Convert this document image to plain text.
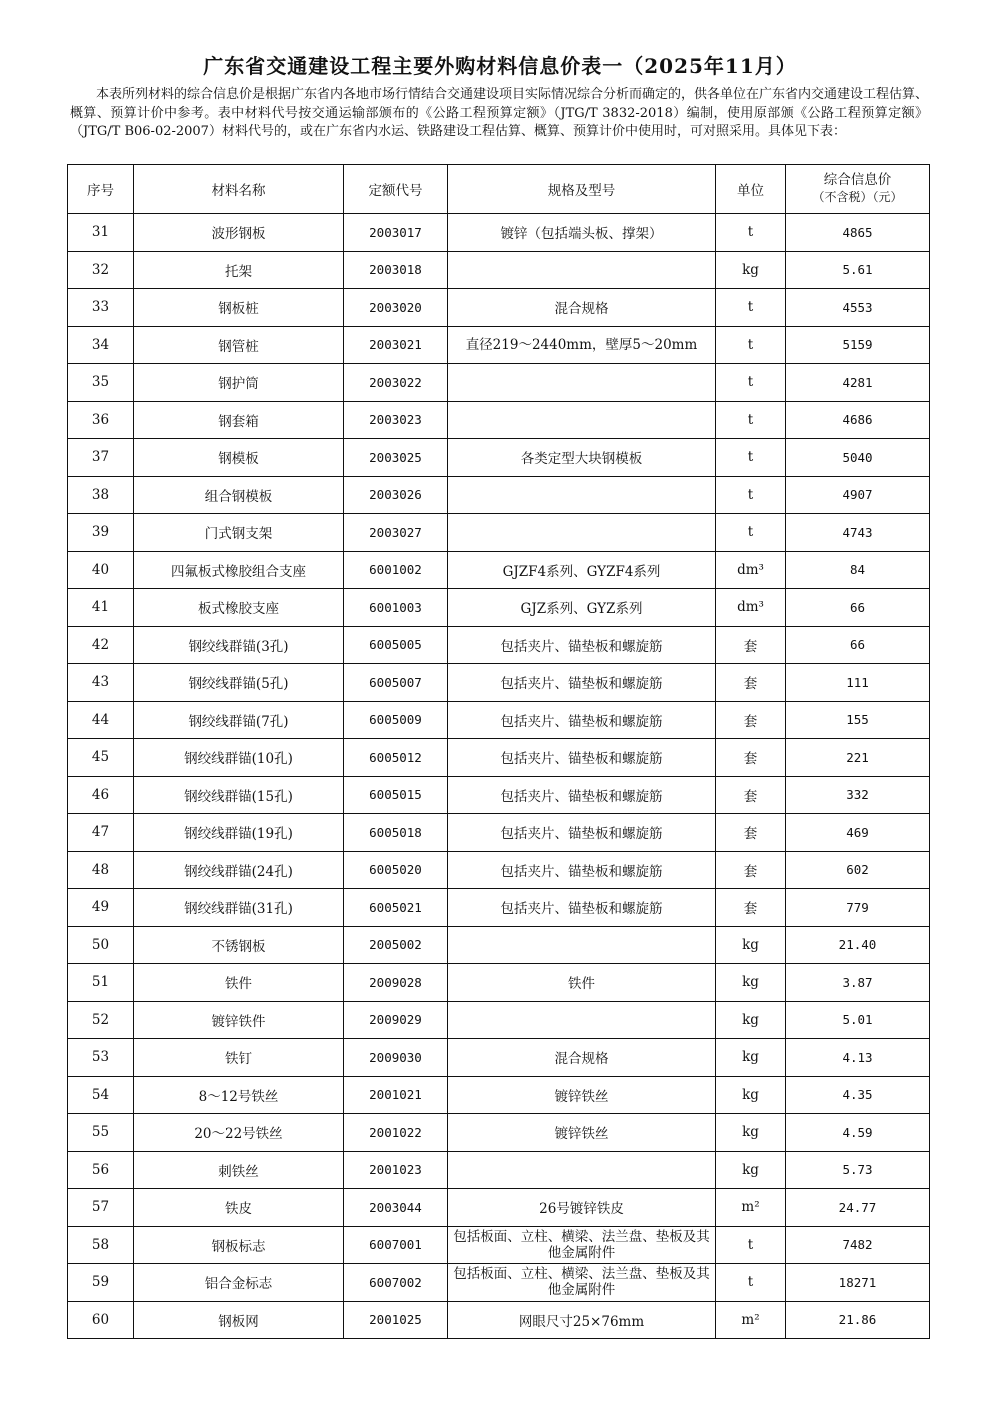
广东省交通建设工程主要外购材料信息价表一（2025年11月）
本表所列材料的综合信息价是根据广东省内各地市场行情结合交通建设项目实际情况综合分析而确定的，供各单位在广东省内交通建设工程估算、概算、预算计价中参考。表中材料代号按交通运输部颁布的《公路工程预算定额》（JTG/T 3832-2018）编制，使用原部颁《公路工程预算定额》（JTG/T B06-02-2007）材料代号的，或在广东省内水运、铁路建设工程估算、概算、预算计价中使用时，可对照采用。具体见下表：
序号	材料名称	定额代号	规格及型号	单位	综合信息价
（不含税）（元）

31	波形钢板	2003017	镀锌（包括端头板、撑架）	t	4865
32	托架	2003018		kg	5.61
33	钢板桩	2003020	混合规格	t	4553
34	钢管桩	2003021	直径219～2440mm，壁厚5～20mm	t	5159
35	钢护筒	2003022		t	4281
36	钢套箱	2003023		t	4686
37	钢模板	2003025	各类定型大块钢模板	t	5040
38	组合钢模板	2003026		t	4907
39	门式钢支架	2003027		t	4743
40	四氟板式橡胶组合支座	6001002	GJZF4系列、GYZF4系列	dm³	84
41	板式橡胶支座	6001003	GJZ系列、GYZ系列	dm³	66
42	钢绞线群锚(3孔)	6005005	包括夹片、锚垫板和螺旋筋	套	66
43	钢绞线群锚(5孔)	6005007	包括夹片、锚垫板和螺旋筋	套	111
44	钢绞线群锚(7孔)	6005009	包括夹片、锚垫板和螺旋筋	套	155
45	钢绞线群锚(10孔)	6005012	包括夹片、锚垫板和螺旋筋	套	221
46	钢绞线群锚(15孔)	6005015	包括夹片、锚垫板和螺旋筋	套	332
47	钢绞线群锚(19孔)	6005018	包括夹片、锚垫板和螺旋筋	套	469
48	钢绞线群锚(24孔)	6005020	包括夹片、锚垫板和螺旋筋	套	602
49	钢绞线群锚(31孔)	6005021	包括夹片、锚垫板和螺旋筋	套	779
50	不锈钢板	2005002		kg	21.40
51	铁件	2009028	铁件	kg	3.87
52	镀锌铁件	2009029		kg	5.01
53	铁钉	2009030	混合规格	kg	4.13
54	8～12号铁丝	2001021	镀锌铁丝	kg	4.35
55	20～22号铁丝	2001022	镀锌铁丝	kg	4.59
56	刺铁丝	2001023		kg	5.73
57	铁皮	2003044	26号镀锌铁皮	m²	24.77
58	钢板标志	6007001	包括板面、立柱、横梁、法兰盘、垫板及其他金属附件	t	7482
59	铝合金标志	6007002	包括板面、立柱、横梁、法兰盘、垫板及其他金属附件	t	18271
60	钢板网	2001025	网眼尺寸25×76mm	m²	21.86
